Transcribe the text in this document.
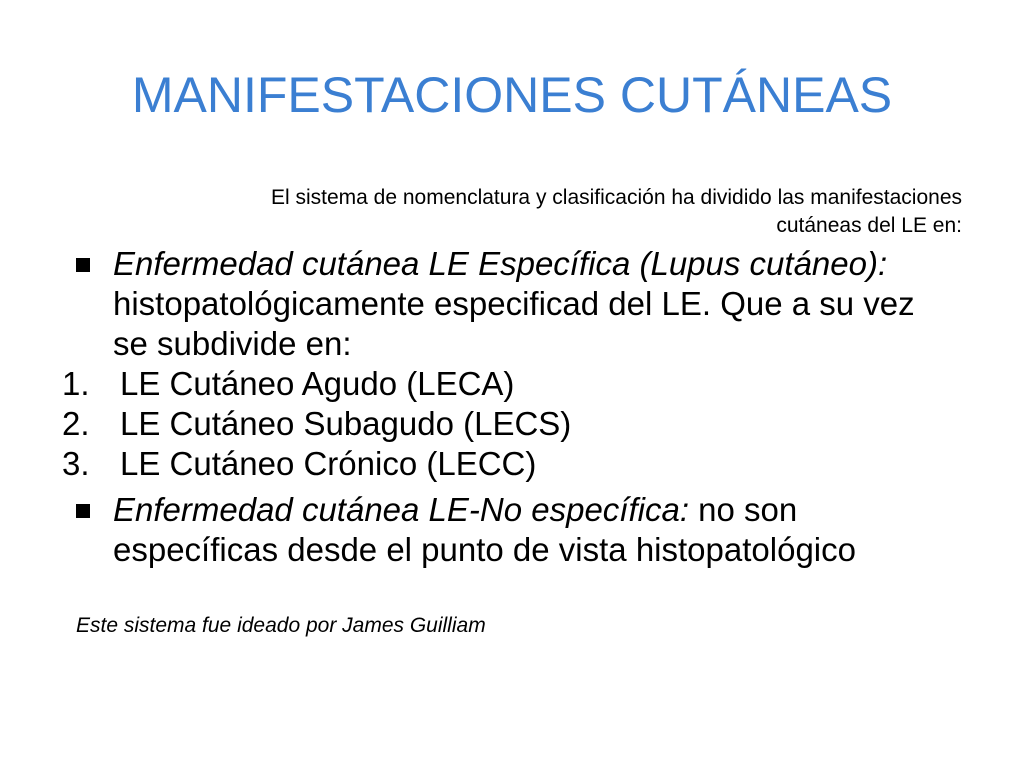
MANIFESTACIONES CUTÁNEAS
El sistema de nomenclatura y clasificación ha dividido las manifestaciones cutáneas del LE en:
Enfermedad cutánea LE Específica (Lupus cutáneo): histopatológicamente especificad del LE. Que a su vez se subdivide en:
1. LE Cutáneo Agudo (LECA)
2. LE Cutáneo Subagudo (LECS)
3. LE Cutáneo Crónico (LECC)
Enfermedad cutánea LE-No específica: no son específicas desde el punto de vista histopatológico
Este sistema fue ideado por James Guilliam
